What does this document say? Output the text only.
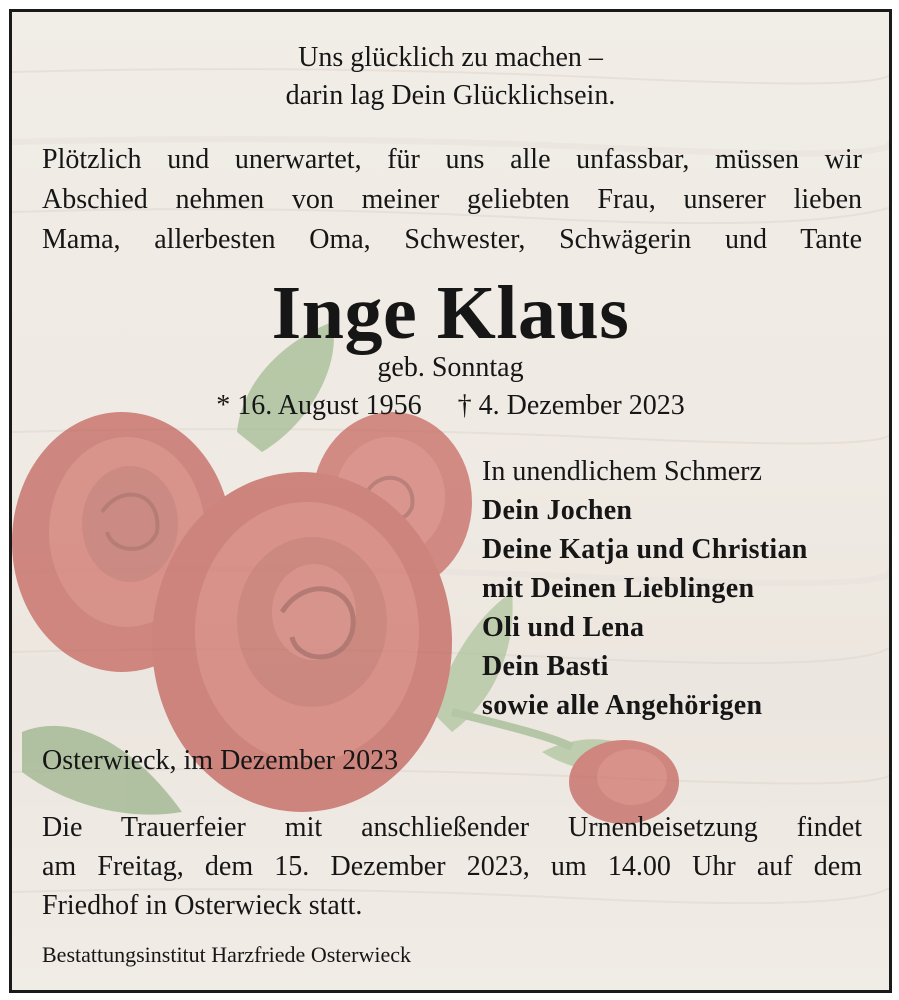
Uns glücklich zu machen –
darin lag Dein Glücklichsein.
Plötzlich und unerwartet, für uns alle unfassbar, müssen wir
Abschied nehmen von meiner geliebten Frau, unserer lieben
Mama, allerbesten Oma, Schwester, Schwägerin und Tante
Inge Klaus
geb. Sonntag
* 16. August 1956 † 4. Dezember 2023
In unendlichem Schmerz
Dein Jochen
Deine Katja und Christian
mit Deinen Lieblingen
Oli und Lena
Dein Basti
sowie alle Angehörigen
Osterwieck, im Dezember 2023
Die Trauerfeier mit anschließender Urnenbeisetzung findet
am Freitag, dem 15. Dezember 2023, um 14.00 Uhr auf dem
Friedhof in Osterwieck statt.
Bestattungsinstitut Harzfriede Osterwieck
